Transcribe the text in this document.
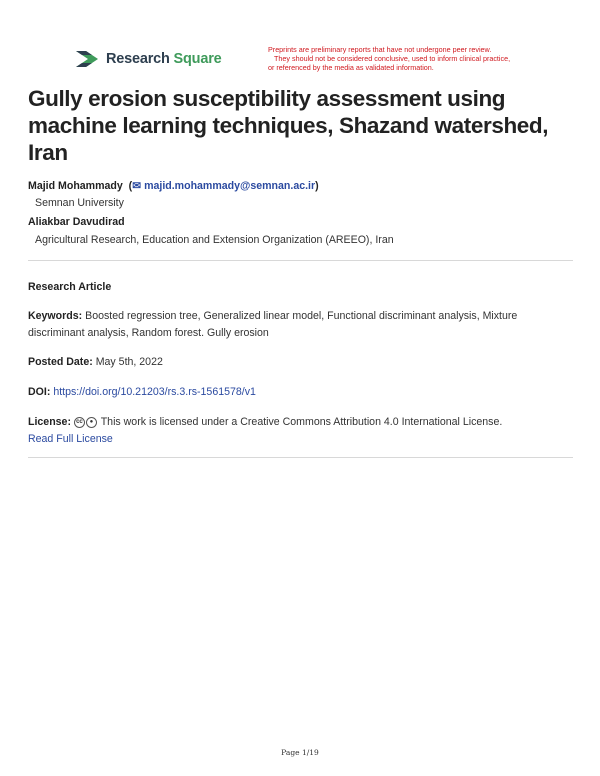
Research Square
Preprints are preliminary reports that have not undergone peer review.
They should not be considered conclusive, used to inform clinical practice,
or referenced by the media as validated information.
Gully erosion susceptibility assessment using machine learning techniques, Shazand watershed, Iran
Majid Mohammady  (✉ majid.mohammady@semnan.ac.ir)
Semnan University
Aliakbar Davudirad
Agricultural Research, Education and Extension Organization (AREEO), Iran
Research Article
Keywords: Boosted regression tree, Generalized linear model, Functional discriminant analysis, Mixture discriminant analysis, Random forest. Gully erosion
Posted Date: May 5th, 2022
DOI: https://doi.org/10.21203/rs.3.rs-1561578/v1
License: cc ● This work is licensed under a Creative Commons Attribution 4.0 International License.
Read Full License
Page 1/19
